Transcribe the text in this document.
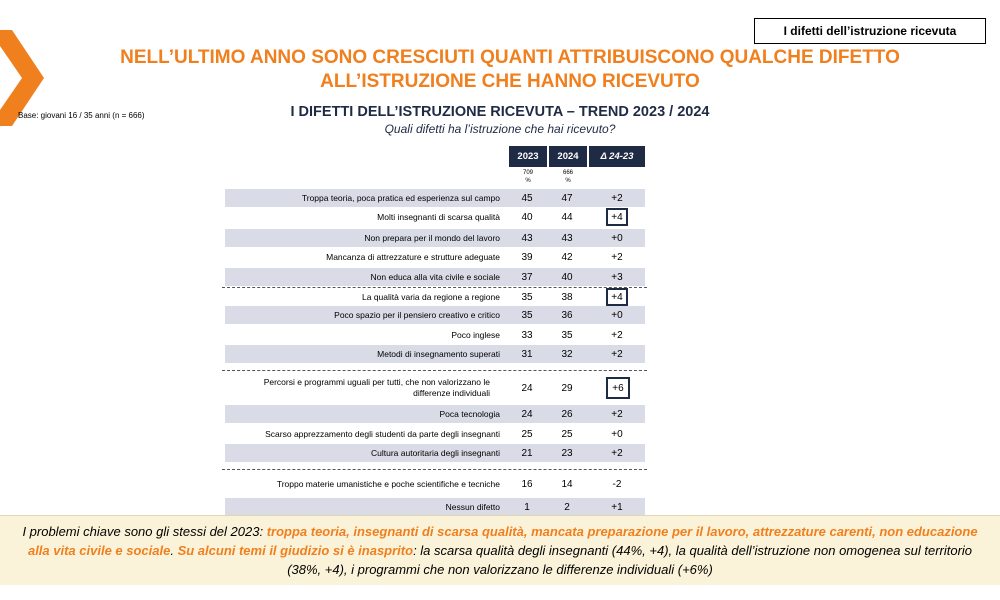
I difetti dell’istruzione ricevuta
NELL’ULTIMO ANNO SONO CRESCIUTI QUANTI ATTRIBUISCONO QUALCHE DIFETTO
ALL’ISTRUZIONE CHE HANNO RICEVUTO
Base: giovani 16 / 35 anni (n = 666)	I DIFETTI DELL’ISTRUZIONE RICEVUTA – TREND 2023 / 2024
Quali difetti ha l’istruzione che hai ricevuto?
2023	2024	Δ 24-23
709
%
666
%
Troppa teoria, poca pratica ed esperienza sul campo	45	47	+2
Molti insegnanti di scarsa qualità	40	44	+4
Non prepara per il mondo del lavoro	43	43	+0
Mancanza di attrezzature e strutture adeguate	39	42	+2
Non educa alla vita civile e sociale	37	40	+3
La qualità varia da regione a regione	35	38	+4
Poco spazio per il pensiero creativo e critico	35	36	+0
Poco inglese	33	35	+2
Metodi di insegnamento superati	31	32	+2
Percorsi e programmi uguali per tutti, che non valorizzano le differenze individuali	24	29	+6
Poca tecnologia	24	26	+2
Scarso apprezzamento degli studenti da parte degli insegnanti	25	25	+0
Cultura autoritaria degli insegnanti	21	23	+2
Troppo materie umanistiche e poche scientifiche e tecniche	16	14	-2
Nessun difetto	1	2	+1
I problemi chiave sono gli stessi del 2023: troppa teoria, insegnanti di scarsa qualità, mancata preparazione per il lavoro, attrezzature carenti, non educazione alla vita civile e sociale. Su alcuni temi il giudizio si è inasprito: la scarsa qualità degli insegnanti (44%, +4), la qualità dell’istruzione non omogenea sul territorio (38%, +4), i programmi che non valorizzano le differenze individuali (+6%)
